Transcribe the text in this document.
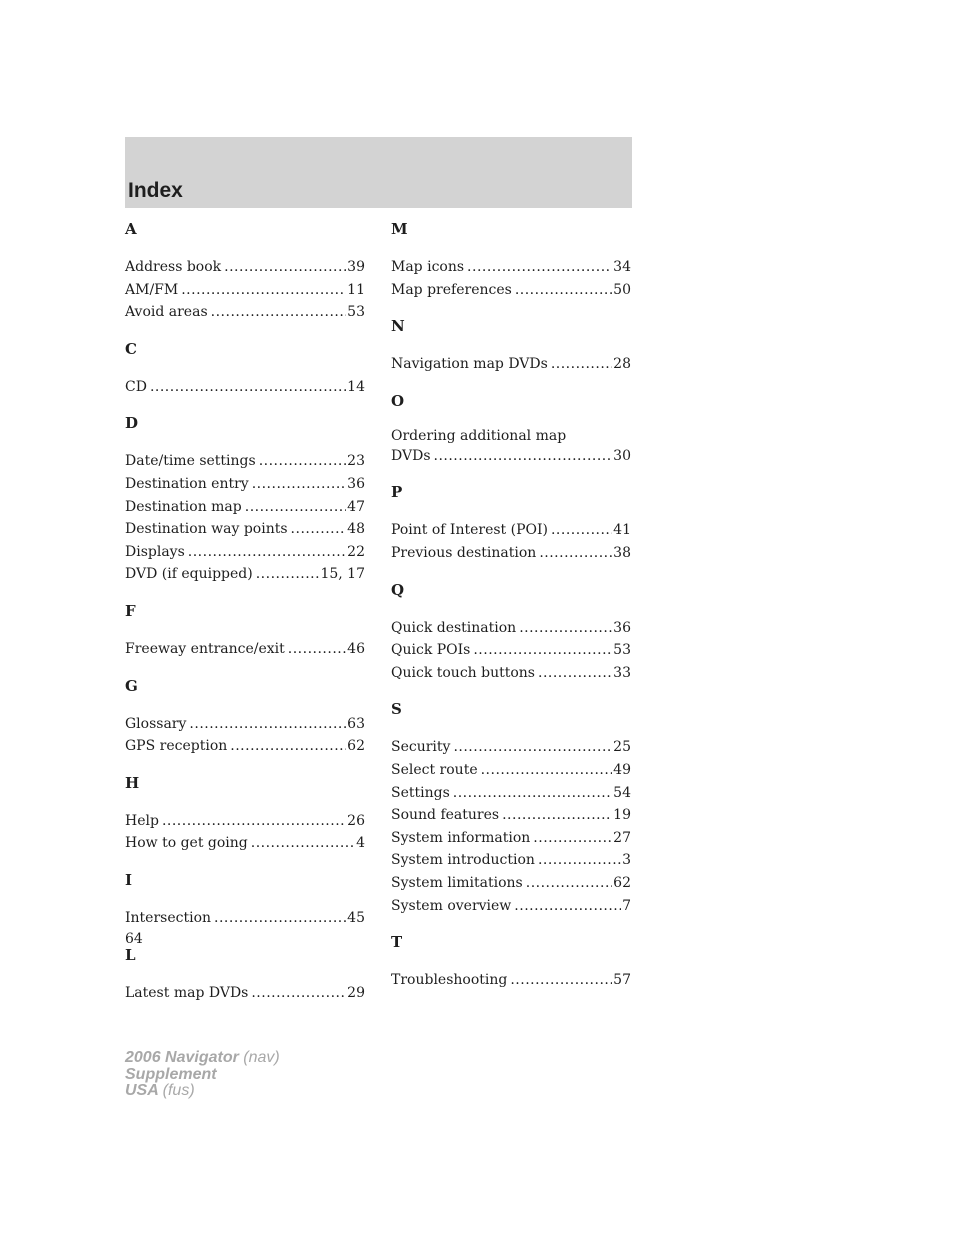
Index
A
Address book .....	39
AM/FM .....	11
Avoid areas .....	53
C
CD .....	14
D
Date/time settings .....	23
Destination entry .....	36
Destination map .....	47
Destination way points .....	48
Displays .....	22
DVD (if equipped) .....	15, 17
F
Freeway entrance/exit .....	46
G
Glossary .....	63
GPS reception .....	62
H
Help .....	26
How to get going .....	4
I
Intersection .....	45
L
Latest map DVDs .....	29
M
Map icons .....	34
Map preferences .....	50
N
Navigation map DVDs .....	28
O
Ordering additional map
DVDs .....	30
P
Point of Interest (POI) .....	41
Previous destination .....	38
Q
Quick destination .....	36
Quick POIs .....	53
Quick touch buttons .....	33
S
Security .....	25
Select route .....	49
Settings .....	54
Sound features .....	19
System information .....	27
System introduction .....	3
System limitations .....	62
System overview .....	7
T
Troubleshooting .....	57
64
2006 Navigator (nav)
Supplement
USA (fus)
